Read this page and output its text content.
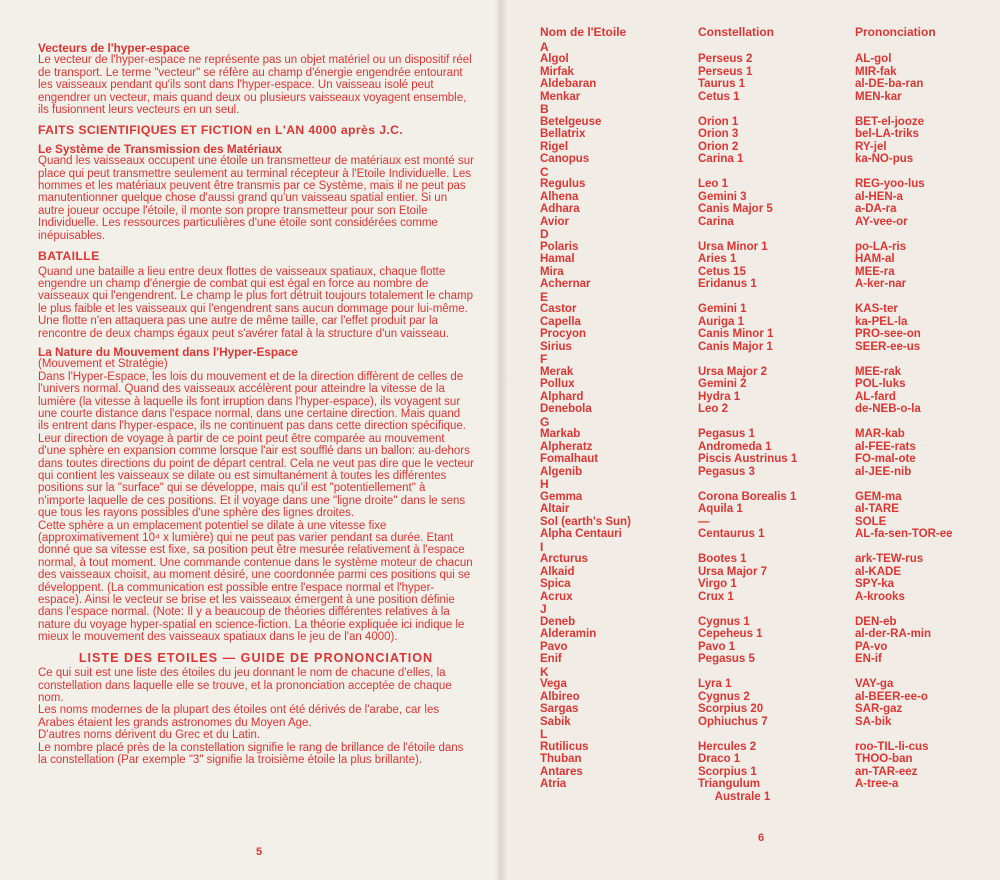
Vecteurs de l'hyper-espace

Le vecteur de l'hyper-espace ne représente pas un objet matériel ou un dispositif réel de transport. Le terme "vecteur" se réfère au champ d'énergie engendrée entourant les vaisseaux pendant qu'ils sont dans l'hyper-espace. Un vaisseau isolé peut engendrer un vecteur, mais quand deux ou plusieurs vaisseaux voyagent ensemble, ils fusionnent leurs vecteurs en un seul.

FAITS SCIENTIFIQUES ET FICTION en L'AN 4000 après J.C.

Le Système de Transmission des Matériaux

Quand les vaisseaux occupent une étoile un transmetteur de matériaux est monté sur place qui peut transmettre seulement au terminal récepteur à l'Etoile Individuelle. Les hommes et les matériaux peuvent être transmis par ce Système, mais il ne peut pas manutentionner quelque chose d'aussi grand qu'un vaisseau spatial entier. Si un autre joueur occupe l'étoile, il monte son propre transmetteur pour son Etoile Individuelle. Les ressources particulières d'une étoile sont considérées comme inépuisables.

BATAILLE

Quand une bataille a lieu entre deux flottes de vaisseaux spatiaux, chaque flotte engendre un champ d'énergie de combat qui est égal en force au nombre de vaisseaux qui l'engendrent. Le champ le plus fort détruit toujours totalement le champ le plus faible et les vaisseaux qui l'engendrent sans aucun dommage pour lui-même. Une flotte n'en attaquera pas une autre de même taille, car l'effet produit par la rencontre de deux champs égaux peut s'avérer fatal à la structure d'un vaisseau.

La Nature du Mouvement dans l'Hyper-Espace

(Mouvement et Stratégie)

Dans l'Hyper-Espace, les lois du mouvement et de la direction diffèrent de celles de l'univers normal. Quand des vaisseaux accélèrent pour atteindre la vitesse de la lumière (la vitesse à laquelle ils font irruption dans l'hyper-espace), ils voyagent sur une courte distance dans l'espace normal, dans une certaine direction. Mais quand ils entrent dans l'hyper-espace, ils ne continuent pas dans cette direction spécifique.

Leur direction de voyage à partir de ce point peut être comparée au mouvement d'une sphère en expansion comme lorsque l'air est soufflé dans un ballon: au-dehors dans toutes directions du point de départ central. Cela ne veut pas dire que le vecteur qui contient les vaisseaux se dilate ou est simultanément à toutes les différentes positions sur la "surface" qui se développe, mais qu'il est "potentiellement" à n'importe laquelle de ces positions. Et il voyage dans une "ligne droite" dans le sens que tous les rayons possibles d'une sphère des lignes droites.

Cette sphère a un emplacement potentiel se dilate à une vitesse fixe (approximativement 10⁴ x lumière) qui ne peut pas varier pendant sa durée. Etant donné que sa vitesse est fixe, sa position peut être mesurée relativement à l'espace normal, à tout moment. Une commande contenue dans le système moteur de chacun des vaisseaux choisit, au moment désiré, une coordonnée parmi ces positions qui se développent. (La communication est possible entre l'espace normal et l'hyper-espace). Ainsi le vecteur se brise et les vaisseaux émergent à une position définie dans l'espace normal. (Note: Il y a beaucoup de théories différentes relatives à la nature du voyage hyper-spatial en science-fiction. La théorie expliquée ici indique le mieux le mouvement des vaisseaux spatiaux dans le jeu de l'an 4000).

LISTE DES ETOILES — GUIDE DE PRONONCIATION

Ce qui suit est une liste des étoiles du jeu donnant le nom de chacune d'elles, la constellation dans laquelle elle se trouve, et la prononciation acceptée de chaque nom.

Les noms modernes de la plupart des étoiles ont été dérivés de l'arabe, car les Arabes étaient les grands astronomes du Moyen Age.

D'autres noms dérivent du Grec et du Latin.

Le nombre placé près de la constellation signifie le rang de brillance de l'étoile dans la constellation (Par exemple "3" signifie la troisième étoile la plus brillante).

5
6
Nom de l'Etoile	Constellation	Prononciation
A
Algol	Perseus 2	AL-gol
Mirfak	Perseus 1	MIR-fak
Aldebaran	Taurus 1	al-DE-ba-ran
Menkar	Cetus 1	MEN-kar
B
Betelgeuse	Orion 1	BET-el-jooze
Bellatrix	Orion 3	bel-LA-triks
Rigel	Orion 2	RY-jel
Canopus	Carina 1	ka-NO-pus
C
Regulus	Leo 1	REG-yoo-lus
Alhena	Gemini 3	al-HEN-a
Adhara	Canis Major 5	a-DA-ra
Avior	Carina	AY-vee-or
D
Polaris	Ursa Minor 1	po-LA-ris
Hamal	Aries 1	HAM-al
Mira	Cetus 15	MEE-ra
Achernar	Eridanus 1	A-ker-nar
E
Castor	Gemini 1	KAS-ter
Capella	Auriga 1	ka-PEL-la
Procyon	Canis Minor 1	PRO-see-on
Sirius	Canis Major 1	SEER-ee-us
F
Merak	Ursa Major 2	MEE-rak
Pollux	Gemini 2	POL-luks
Alphard	Hydra 1	AL-fard
Denebola	Leo 2	de-NEB-o-la
G
Markab	Pegasus 1	MAR-kab
Alpheratz	Andromeda 1	al-FEE-rats
Fomalhaut	Piscis Austrinus 1	FO-mal-ote
Algenib	Pegasus 3	al-JEE-nib
H
Gemma	Corona Borealis 1	GEM-ma
Altair	Aquila 1	al-TARE
Sol (earth's Sun)	—	SOLE
Alpha Centauri	Centaurus 1	AL-fa-sen-TOR-ee
I
Arcturus	Bootes 1	ark-TEW-rus
Alkaid	Ursa Major 7	al-KADE
Spica	Virgo 1	SPY-ka
Acrux	Crux 1	A-krooks
J
Deneb	Cygnus 1	DEN-eb
Alderamin	Cepeheus 1	al-der-RA-min
Pavo	Pavo 1	PA-vo
Enif	Pegasus 5	EN-if
K
Vega	Lyra 1	VAY-ga
Albireo	Cygnus 2	al-BEER-ee-o
Sargas	Scorpius 20	SAR-gaz
Sabik	Ophiuchus 7	SA-bik
L
Rutilicus	Hercules 2	roo-TIL-li-cus
Thuban	Draco 1	THOO-ban
Antares	Scorpius 1	an-TAR-eez
Atria	Triangulum	A-tree-a
Australe 1
